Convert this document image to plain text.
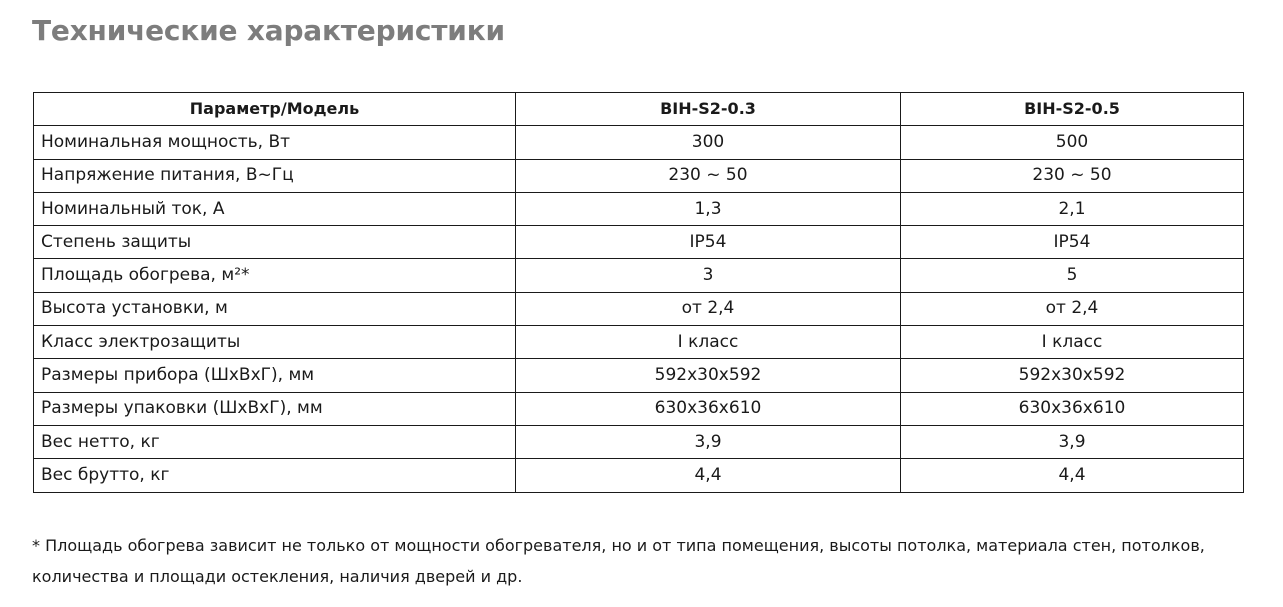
Технические характеристики
Параметр/Модель	BIH-S2-0.3	BIH-S2-0.5
Номинальная мощность, Вт	300	500
Напряжение питания, В~Гц	230 ~ 50	230 ~ 50
Номинальный ток, А	1,3	2,1
Степень защиты	IP54	IP54
Площадь обогрева, м²*	3	5
Высота установки, м	от 2,4	от 2,4
Класс электрозащиты	I класс	I класс
Размеры прибора (ШхВхГ), мм	592x30x592	592x30x592
Размеры упаковки (ШхВхГ), мм	630x36x610	630x36x610
Вес нетто, кг	3,9	3,9
Вес брутто, кг	4,4	4,4

* Площадь обогрева зависит не только от мощности обогревателя, но и от типа помещения, высоты потолка, материала стен, потолков, количества и площади остекления, наличия дверей и др.
